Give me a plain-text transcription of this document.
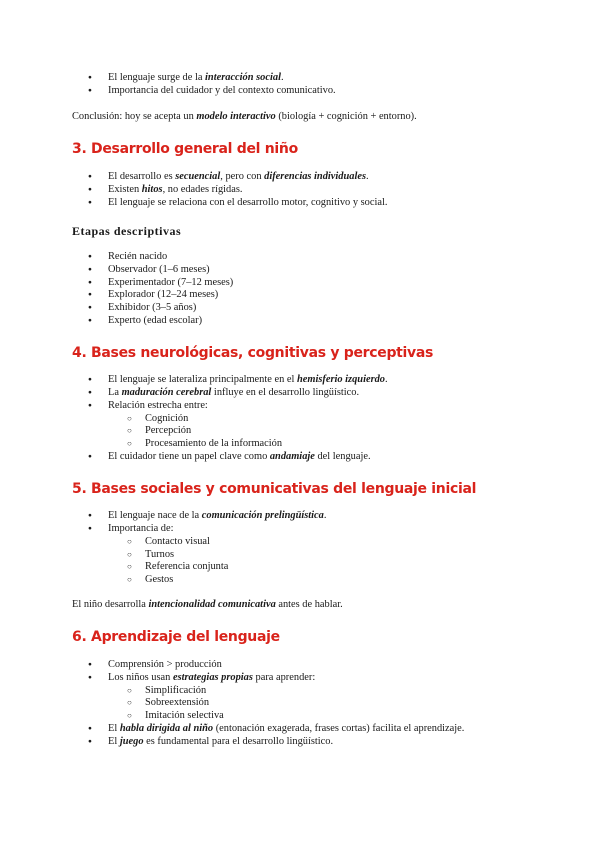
● El lenguaje surge de la interacción social.
● Importancia del cuidador y del contexto comunicativo.
Conclusión: hoy se acepta un modelo interactivo (biología + cognición + entorno).
3. Desarrollo general del niño
● El desarrollo es secuencial, pero con diferencias individuales.
● Existen hitos, no edades rígidas.
● El lenguaje se relaciona con el desarrollo motor, cognitivo y social.
Etapas descriptivas
● Recién nacido
● Observador (1–6 meses)
● Experimentador (7–12 meses)
● Explorador (12–24 meses)
● Exhibidor (3–5 años)
● Experto (edad escolar)
4. Bases neurológicas, cognitivas y perceptivas
● El lenguaje se lateraliza principalmente en el hemisferio izquierdo.
● La maduración cerebral influye en el desarrollo lingüístico.
● Relación estrecha entre:
○ Cognición
○ Percepción
○ Procesamiento de la información
● El cuidador tiene un papel clave como andamiaje del lenguaje.
5. Bases sociales y comunicativas del lenguaje inicial
● El lenguaje nace de la comunicación prelingüística.
● Importancia de:
○ Contacto visual
○ Turnos
○ Referencia conjunta
○ Gestos
El niño desarrolla intencionalidad comunicativa antes de hablar.
6. Aprendizaje del lenguaje
● Comprensión > producción
● Los niños usan estrategias propias para aprender:
○ Simplificación
○ Sobreextensión
○ Imitación selectiva
● El habla dirigida al niño (entonación exagerada, frases cortas) facilita el aprendizaje.
● El juego es fundamental para el desarrollo lingüístico.
